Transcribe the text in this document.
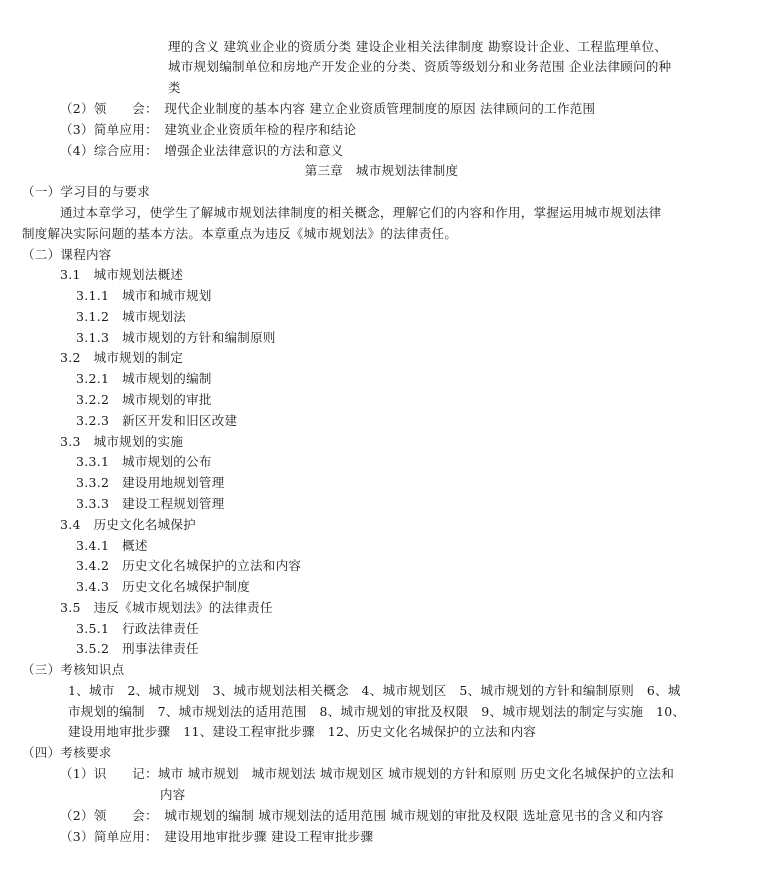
理的含义 建筑业企业的资质分类 建设企业相关法律制度 勘察设计企业、工程监理单位、
城市规划编制单位和房地产开发企业的分类、资质等级划分和业务范围 企业法律顾问的种
类
（2）领　　会：　现代企业制度的基本内容 建立企业资质管理制度的原因 法律顾问的工作范围
（3）简单应用：　建筑业企业资质年检的程序和结论
（4）综合应用：　增强企业法律意识的方法和意义
第三章　城市规划法律制度
（一）学习目的与要求
通过本章学习，使学生了解城市规划法律制度的相关概念，理解它们的内容和作用，掌握运用城市规划法律
制度解决实际问题的基本方法。本章重点为违反《城市规划法》的法律责任。
（二）课程内容
3.1　城市规划法概述
3.1.1　城市和城市规划
3.1.2　城市规划法
3.1.3　城市规划的方针和编制原则
3.2　城市规划的制定
3.2.1　城市规划的编制
3.2.2　城市规划的审批
3.2.3　新区开发和旧区改建
3.3　城市规划的实施
3.3.1　城市规划的公布
3.3.2　建设用地规划管理
3.3.3　建设工程规划管理
3.4　历史文化名城保护
3.4.1　概述
3.4.2　历史文化名城保护的立法和内容
3.4.3　历史文化名城保护制度
3.5　违反《城市规划法》的法律责任
3.5.1　行政法律责任
3.5.2　刑事法律责任
（三）考核知识点
1、城市　2、城市规划　3、城市规划法相关概念　4、城市规划区　5、城市规划的方针和编制原则　6、城
市规划的编制　7、城市规划法的适用范围　8、城市规划的审批及权限　9、城市规划法的制定与实施　10、
建设用地审批步骤　11、建设工程审批步骤　12、历史文化名城保护的立法和内容
（四）考核要求
（1）识　　记：城市 城市规划　城市规划法 城市规划区 城市规划的方针和原则 历史文化名城保护的立法和
内容
（2）领　　会：　城市规划的编制 城市规划法的适用范围 城市规划的审批及权限 选址意见书的含义和内容
（3）简单应用：　建设用地审批步骤 建设工程审批步骤
